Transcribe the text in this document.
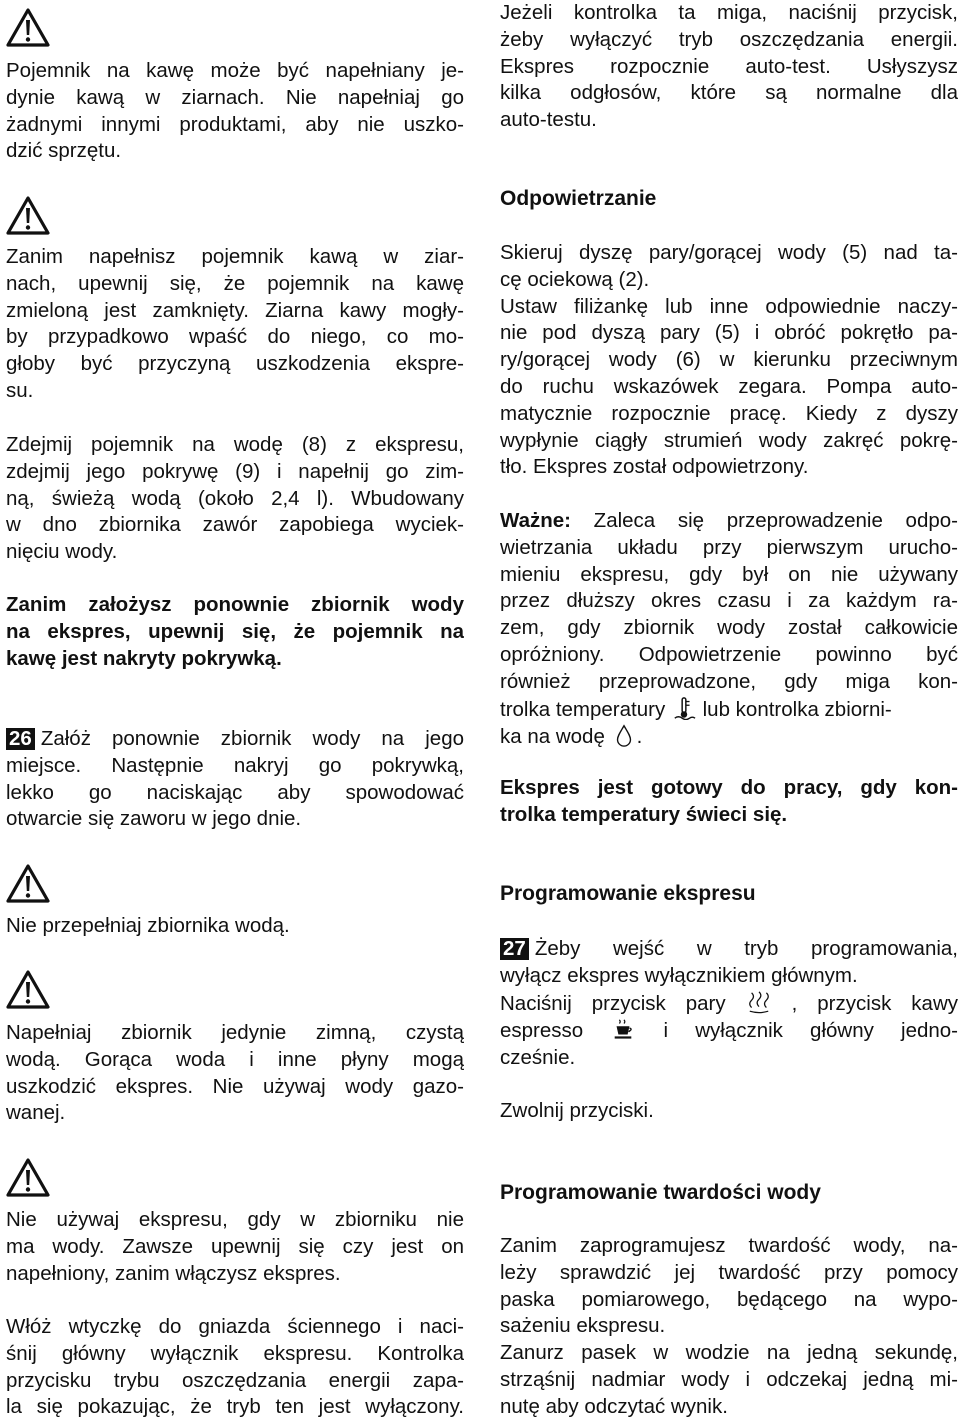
Pojemnik na kawę może być napełniany je-
dynie kawą w ziarnach. Nie napełniaj go
żadnymi innymi produktami, aby nie uszko-
dzić sprzętu.
Zanim napełnisz pojemnik kawą w ziar-
nach, upewnij się, że pojemnik na kawę
zmieloną jest zamknięty. Ziarna kawy mogły-
by przypadkowo wpaść do niego, co mo-
głoby być przyczyną uszkodzenia ekspre-
su.
Zdejmij pojemnik na wodę (8) z ekspresu,
zdejmij jego pokrywę (9) i napełnij go zim-
ną, świeżą wodą (około 2,4 l). Wbudowany
w dno zbiornika zawór zapobiega wyciek-
nięciu wody.
Zanim założysz ponownie zbiornik wody
na ekspres, upewnij się, że pojemnik na
kawę jest nakryty pokrywką.
26 Załóż ponownie zbiornik wody na jego
miejsce. Następnie nakryj go pokrywką,
lekko go naciskając aby spowodować
otwarcie się zaworu w jego dnie.
Nie przepełniaj zbiornika wodą.
Napełniaj zbiornik jedynie zimną, czystą
wodą. Gorąca woda i inne płyny mogą
uszkodzić ekspres. Nie używaj wody gazo-
wanej.
Nie używaj ekspresu, gdy w zbiorniku nie
ma wody. Zawsze upewnij się czy jest on
napełniony, zanim włączysz ekspres.
Włóż wtyczkę do gniazda ściennego i naci-
śnij główny wyłącznik ekspresu. Kontrolka
przycisku trybu oszczędzania energii zapa-
la się pokazując, że tryb ten jest wyłączony.
Jeżeli kontrolka ta miga, naciśnij przycisk,
żeby wyłączyć tryb oszczędzania energii.
Ekspres rozpocznie auto-test. Usłyszysz
kilka odgłosów, które są normalne dla
auto-testu.
Odpowietrzanie
Skieruj dyszę pary/gorącej wody (5) nad ta-
cę ociekową (2).
Ustaw filiżankę lub inne odpowiednie naczy-
nie pod dyszą pary (5) i obróć pokrętło pa-
ry/gorącej wody (6) w kierunku przeciwnym
do ruchu wskazówek zegara. Pompa auto-
matycznie rozpocznie pracę. Kiedy z dyszy
wypłynie ciągły strumień wody zakręć pokrę-
tło. Ekspres został odpowietrzony.
Ważne: Zaleca się przeprowadzenie odpo-
wietrzania układu przy pierwszym urucho-
mieniu ekspresu, gdy był on nie używany
przez dłuższy okres czasu i za każdym ra-
zem, gdy zbiornik wody został całkowicie
opróżniony. Odpowietrzenie powinno być
również przeprowadzone, gdy miga kon-
trolka temperatury lub kontrolka zbiorni-
ka na wodę .
Ekspres jest gotowy do pracy, gdy kon-
trolka temperatury świeci się.
Programowanie ekspresu
27 Żeby wejść w tryb programowania,
wyłącz ekspres wyłącznikiem głównym.
Naciśnij przycisk pary	, przycisk kawy
espresso	i wyłącznik główny jedno-
cześnie.
Zwolnij przyciski.
Programowanie twardości wody
Zanim zaprogramujesz twardość wody, na-
leży sprawdzić jej twardość przy pomocy
paska pomiarowego, będącego na wypo-
sażeniu ekspresu.
Zanurz pasek w wodzie na jedną sekundę,
strząśnij nadmiar wody i odczekaj jedną mi-
nutę aby odczytać wynik.
